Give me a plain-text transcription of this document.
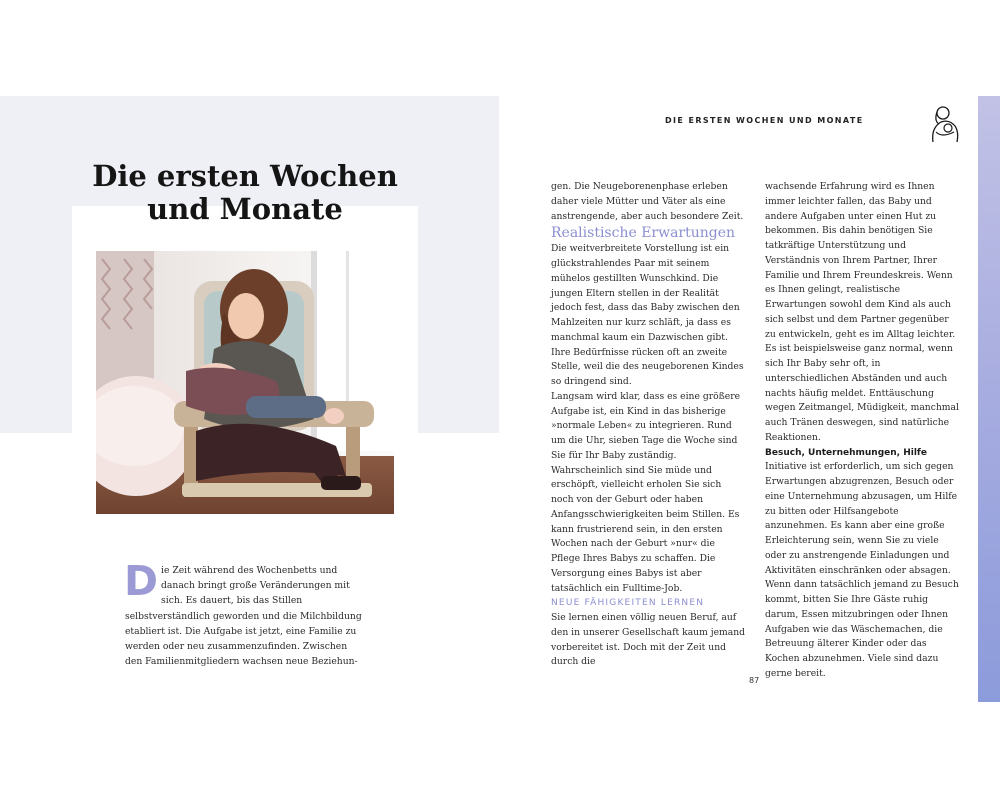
Die ersten Wochen
und Monate

Die Zeit während des Wochenbetts und danach bringt große Veränderungen mit sich. Es dauert, bis das Stillen selbstverständlich geworden und die Milchbildung etabliert ist. Die Aufgabe ist jetzt, eine Familie zu werden oder neu zusammenzufinden. Zwischen den Familienmitgliedern wachsen neue Beziehun-

DIE ERSTEN WOCHEN UND MONATE

gen. Die Neugeborenenphase erleben daher viele Mütter und Väter als eine anstrengende, aber auch besondere Zeit.

Realistische Erwartungen

Die weitverbreitete Vorstellung ist ein glückstrahlendes Paar mit seinem mühelos gestillten Wunschkind. Die jungen Eltern stellen in der Realität jedoch fest, dass das Baby zwischen den Mahlzeiten nur kurz schläft, ja dass es manchmal kaum ein Dazwischen gibt. Ihre Bedürfnisse rücken oft an zweite Stelle, weil die des neugeborenen Kindes so dringend sind.

Langsam wird klar, dass es eine größere Aufgabe ist, ein Kind in das bisherige »normale Leben« zu integrieren. Rund um die Uhr, sieben Tage die Woche sind Sie für Ihr Baby zuständig. Wahrscheinlich sind Sie müde und erschöpft, vielleicht erholen Sie sich noch von der Geburt oder haben Anfangsschwierigkeiten beim Stillen. Es kann frustrierend sein, in den ersten Wochen nach der Geburt »nur« die Pflege Ihres Babys zu schaffen. Die Versorgung eines Babys ist aber tatsächlich ein Fulltime-Job.

NEUE FÄHIGKEITEN LERNEN

Sie lernen einen völlig neuen Beruf, auf den in unserer Gesellschaft kaum jemand vorbereitet ist. Doch mit der Zeit und durch die

wachsende Erfahrung wird es Ihnen immer leichter fallen, das Baby und andere Aufgaben unter einen Hut zu bekommen. Bis dahin benötigen Sie tatkräftige Unterstützung und Verständnis von Ihrem Partner, Ihrer Familie und Ihrem Freundeskreis. Wenn es Ihnen gelingt, realistische Erwartungen sowohl dem Kind als auch sich selbst und dem Partner gegenüber zu entwickeln, geht es im Alltag leichter. Es ist beispielsweise ganz normal, wenn sich Ihr Baby sehr oft, in unterschiedlichen Abständen und auch nachts häufig meldet. Enttäuschung wegen Zeitmangel, Müdigkeit, manchmal auch Tränen deswegen, sind natürliche Reaktionen.

Besuch, Unternehmungen, Hilfe

Initiative ist erforderlich, um sich gegen Erwartungen abzugrenzen, Besuch oder eine Unternehmung abzusagen, um Hilfe zu bitten oder Hilfsangebote anzunehmen. Es kann aber eine große Erleichterung sein, wenn Sie zu viele oder zu anstrengende Einladungen und Aktivitäten einschränken oder absagen.

Wenn dann tatsächlich jemand zu Besuch kommt, bitten Sie Ihre Gäste ruhig darum, Essen mitzubringen oder Ihnen Aufgaben wie das Wäschemachen, die Betreuung älterer Kinder oder das Kochen abzunehmen. Viele sind dazu gerne bereit.

87
